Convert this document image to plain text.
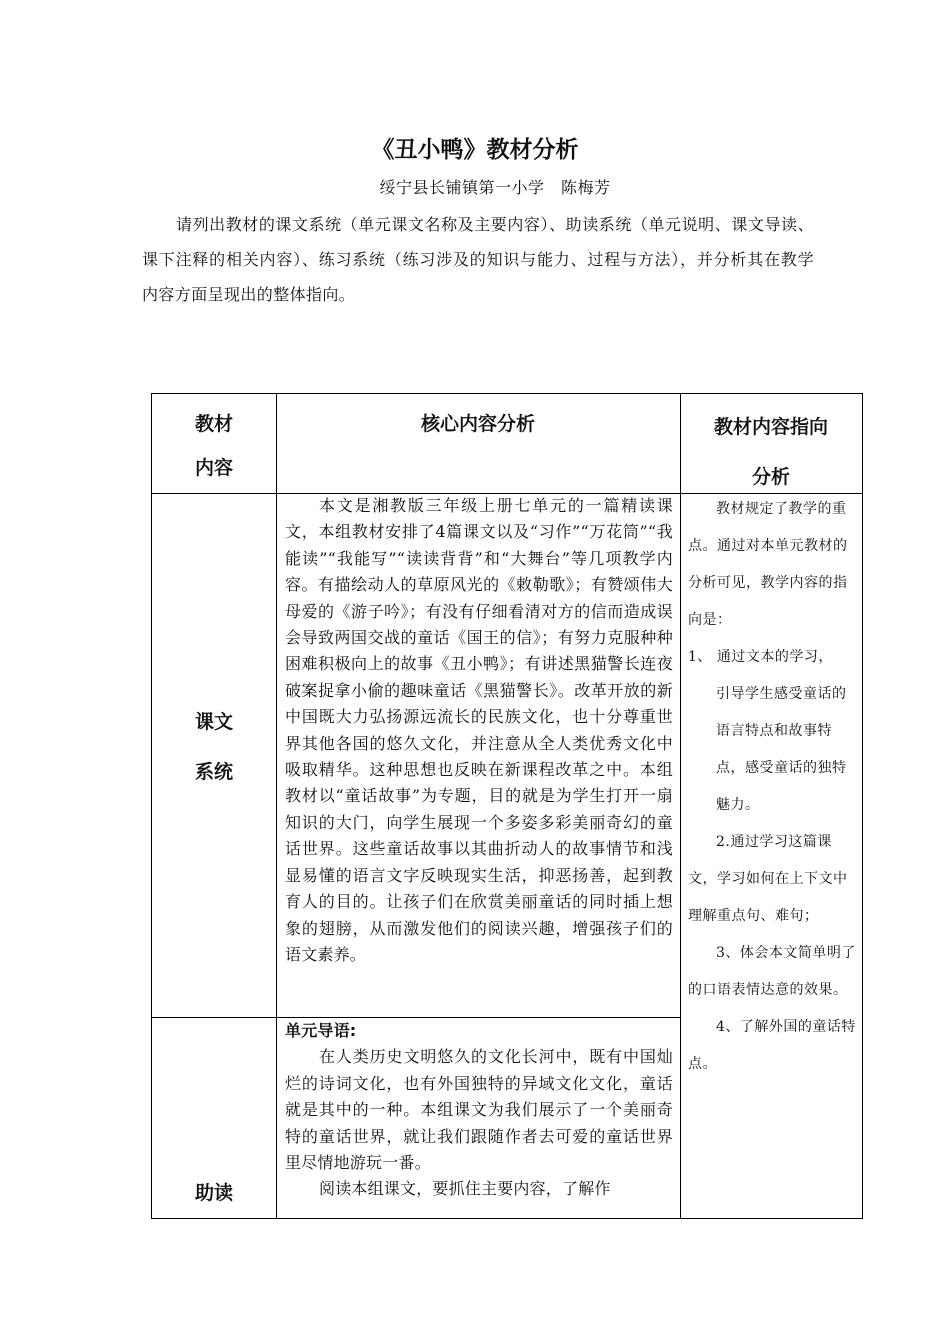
《丑小鸭》教材分析
绥宁县长铺镇第一小学　陈梅芳
请列出教材的课文系统（单元课文名称及主要内容）、助读系统（单元说明、课文导读、课下注释的相关内容）、练习系统（练习涉及的知识与能力、过程与方法），并分析其在教学内容方面呈现出的整体指向。
教材
内容
核心内容分析	教材内容指向
分析
课文
系统
本文是湘教版三年级上册七单元的一篇精读课文，本组教材安排了4篇课文以及“习作”“万花筒”“我能读”“我能写”“读读背背”和“大舞台”等几项教学内容。有描绘动人的草原风光的《敕勒歌》；有赞颂伟大母爱的《游子吟》；有没有仔细看清对方的信而造成误会导致两国交战的童话《国王的信》；有努力克服种种困难积极向上的故事《丑小鸭》；有讲述黑猫警长连夜破案捉拿小偷的趣味童话《黑猫警长》。改革开放的新中国既大力弘扬源远流长的民族文化，也十分尊重世界其他各国的悠久文化，并注意从全人类优秀文化中吸取精华。这种思想也反映在新课程改革之中。本组教材以“童话故事”为专题，目的就是为学生打开一扇知识的大门，向学生展现一个多姿多彩美丽奇幻的童话世界。这些童话故事以其曲折动人的故事情节和浅显易懂的语言文字反映现实生活，抑恶扬善，起到教育人的目的。让孩子们在欣赏美丽童话的同时插上想象的翅膀，从而激发他们的阅读兴趣，增强孩子们的语文素养。
助读
单元导语:
在人类历史文明悠久的文化长河中，既有中国灿烂的诗词文化，也有外国独特的异域文化文化，童话就是其中的一种。本组课文为我们展示了一个美丽奇特的童话世界，就让我们跟随作者去可爱的童话世界里尽情地游玩一番。
阅读本组课文，要抓住主要内容，了解作

教材规定了教学的重点。通过对本单元教材的分析可见，教学内容的指向是：

1、 通过文本的学习，

引导学生感受童话的语言特点和故事特点，感受童话的独特魅力。

2.通过学习这篇课文，学习如何在上下文中理解重点句、难句；

3、体会本文简单明了的口语表情达意的效果。

4、了解外国的童话特点。
